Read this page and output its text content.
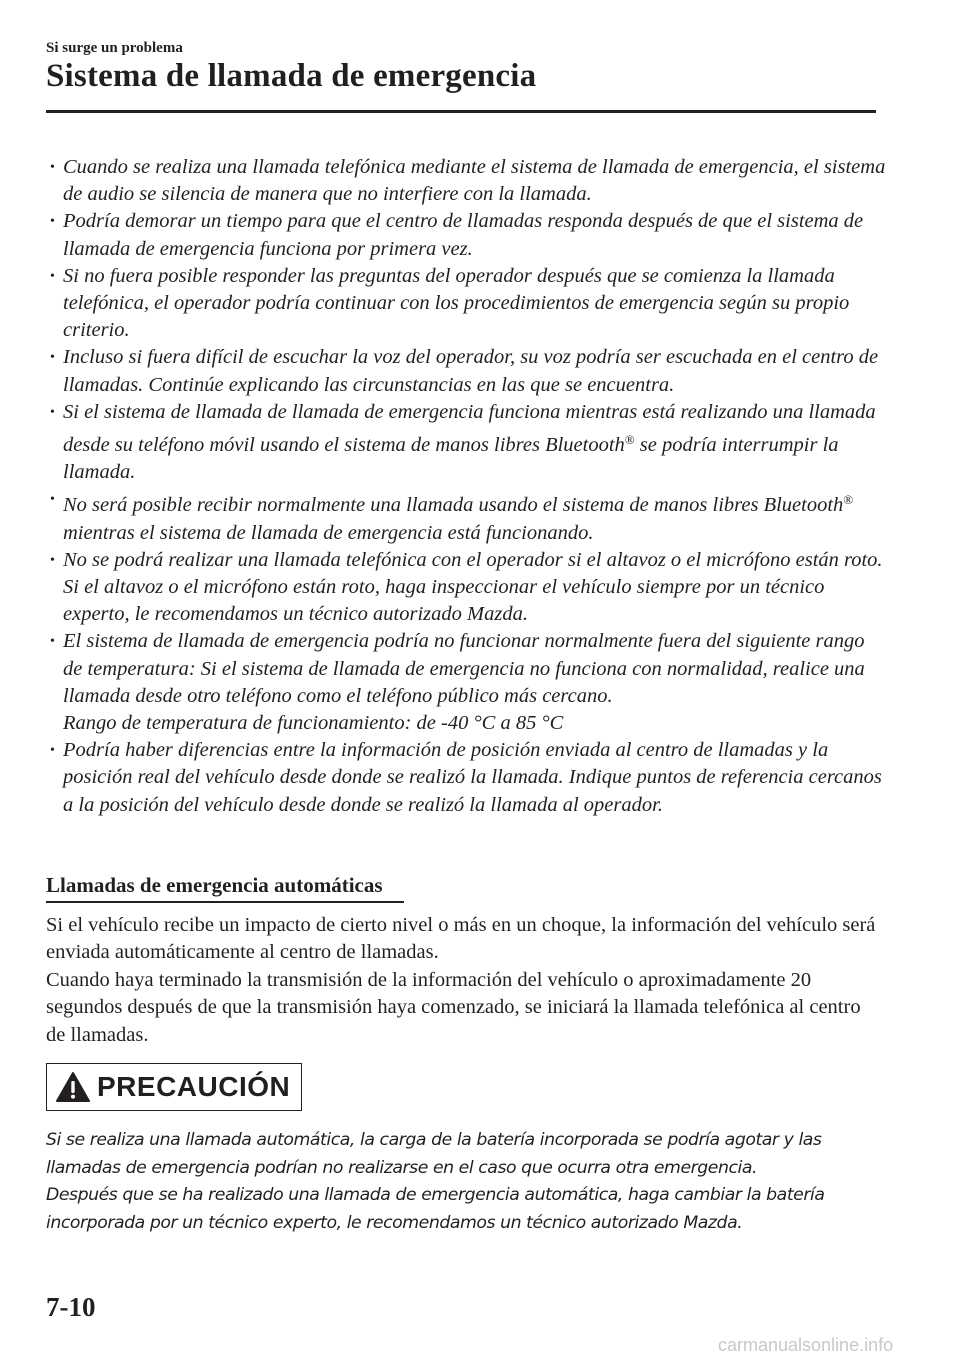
Si surge un problema
Sistema de llamada de emergencia
• Cuando se realiza una llamada telefónica mediante el sistema de llamada de emergencia, el sistema de audio se silencia de manera que no interfiere con la llamada.
• Podría demorar un tiempo para que el centro de llamadas responda después de que el sistema de llamada de emergencia funciona por primera vez.
• Si no fuera posible responder las preguntas del operador después que se comienza la llamada telefónica, el operador podría continuar con los procedimientos de emergencia según su propio criterio.
• Incluso si fuera difícil de escuchar la voz del operador, su voz podría ser escuchada en el centro de llamadas. Continúe explicando las circunstancias en las que se encuentra.
• Si el sistema de llamada de llamada de emergencia funciona mientras está realizando una llamada desde su teléfono móvil usando el sistema de manos libres Bluetooth® se podría interrumpir la llamada.
• No será posible recibir normalmente una llamada usando el sistema de manos libres Bluetooth® mientras el sistema de llamada de emergencia está funcionando.
• No se podrá realizar una llamada telefónica con el operador si el altavoz o el micrófono están roto. Si el altavoz o el micrófono están roto, haga inspeccionar el vehículo siempre por un técnico experto, le recomendamos un técnico autorizado Mazda.
• El sistema de llamada de emergencia podría no funcionar normalmente fuera del siguiente rango de temperatura: Si el sistema de llamada de emergencia no funciona con normalidad, realice una llamada desde otro teléfono como el teléfono público más cercano.
Rango de temperatura de funcionamiento: de -40 °C a 85 °C
• Podría haber diferencias entre la información de posición enviada al centro de llamadas y la posición real del vehículo desde donde se realizó la llamada. Indique puntos de referencia cercanos a la posición del vehículo desde donde se realizó la llamada al operador.
Llamadas de emergencia automáticas

Si el vehículo recibe un impacto de cierto nivel o más en un choque, la información del vehículo será enviada automáticamente al centro de llamadas.

Cuando haya terminado la transmisión de la información del vehículo o aproximadamente 20 segundos después de que la transmisión haya comenzado, se iniciará la llamada telefónica al centro de llamadas.

PRECAUCIÓN

Si se realiza una llamada automática, la carga de la batería incorporada se podría agotar y las llamadas de emergencia podrían no realizarse en el caso que ocurra otra emergencia.

Después que se ha realizado una llamada de emergencia automática, haga cambiar la batería incorporada por un técnico experto, le recomendamos un técnico autorizado Mazda.

7-10
carmanualsonline.info
